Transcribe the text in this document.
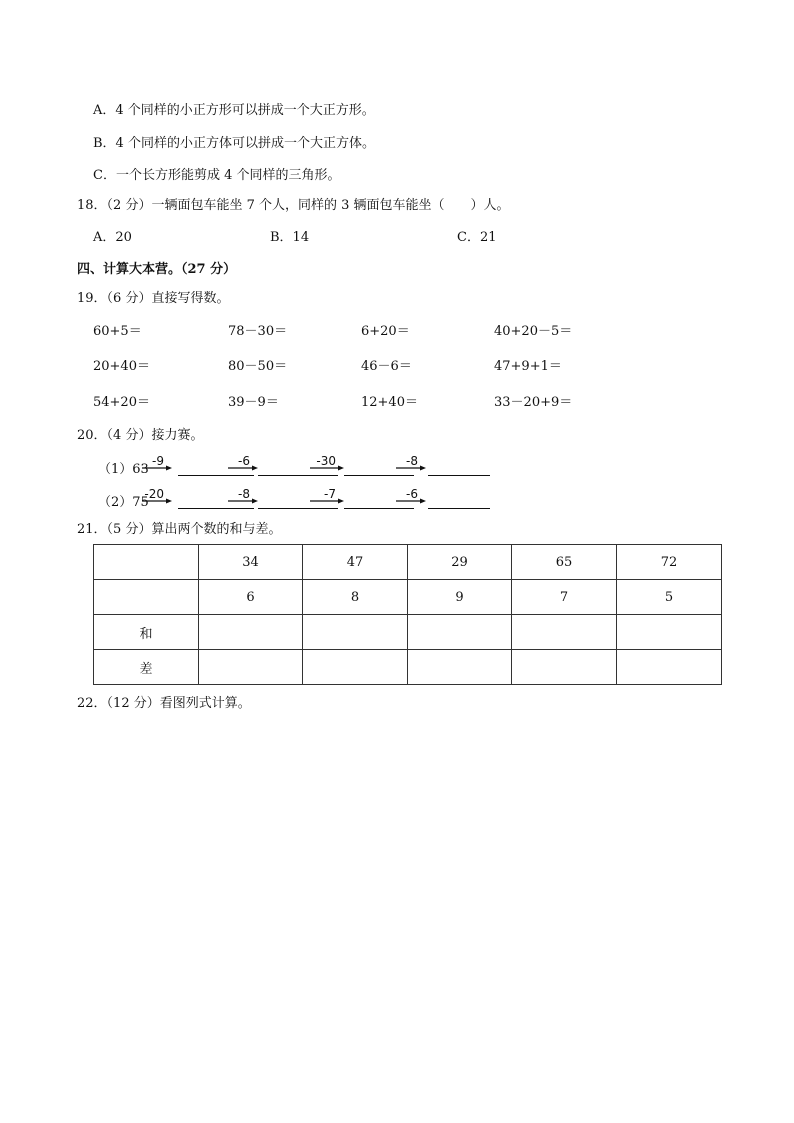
A．4 个同样的小正方形可以拼成一个大正方形。
B．4 个同样的小正方体可以拼成一个大正方体。
C．一个长方形能剪成 4 个同样的三角形。
18．（2 分）一辆面包车能坐 7 个人，同样的 3 辆面包车能坐（　　）人。
A．20	B．14	C．21
四、计算大本营。（27 分）
19．（6 分）直接写得数。
60+5＝	78－30＝	6+20＝	40+20－5＝
20+40＝	80－50＝	46－6＝	47+9+1＝
54+20＝	39－9＝	12+40＝	33－20+9＝
20．（4 分）接力赛。
（1）63
-9	-6	-30	-8
（2）75
-20	-8	-7	-6
21．（5 分）算出两个数的和与差。
	34	47	29	65	72
	6	8	9	7	5
和					
差					
22．（12 分）看图列式计算。
